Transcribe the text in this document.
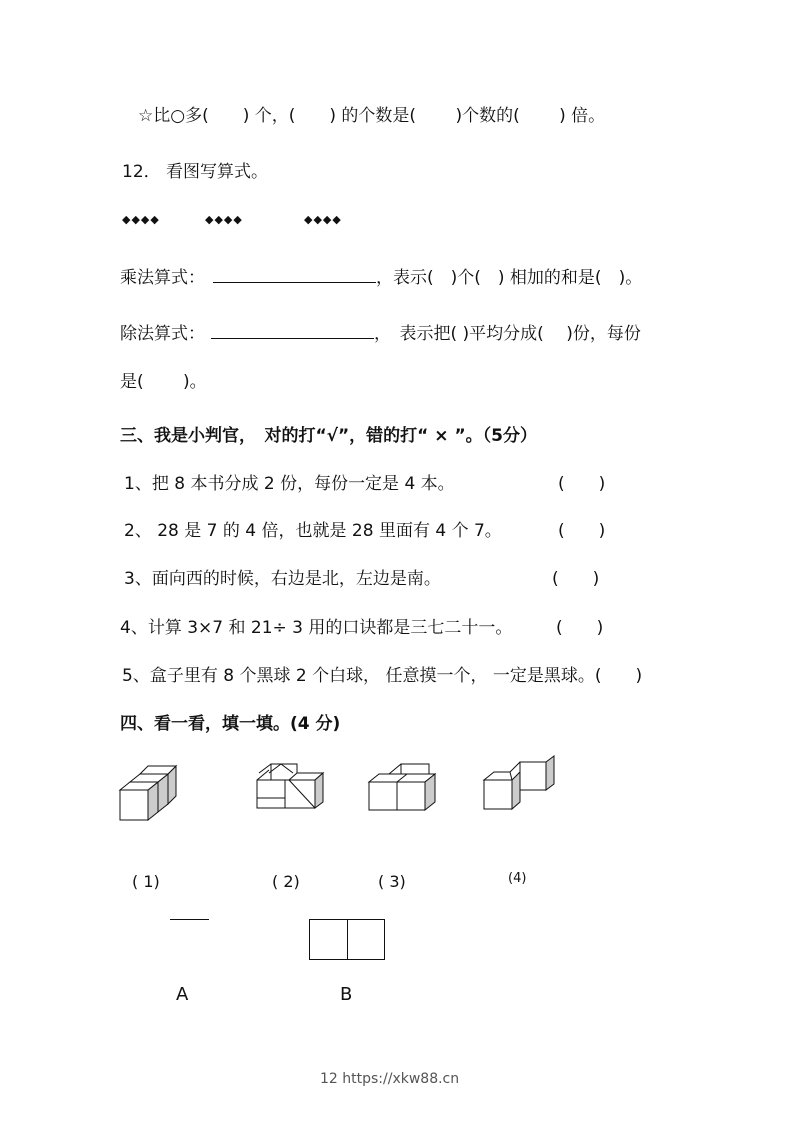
☆比○多(　　) 个，(　　) 的个数是(　　 )个数的(　　 ) 倍。
12． 看图写算式。
◆◆◆◆	◆◆◆◆	◆◆◆◆
乘法算式：	，表示(　)个(　) 相加的和是(　)。
除法算式：	，　表示把( )平均分成(　 )份，每份
是(　　 )。
三、我是小判官，　对的打“√”，错的打“ × ”。（5分）
1、把 8 本书分成 2 份，每份一定是 4 本。	(　　)
2、 28 是 7 的 4 倍，也就是 28 里面有 4 个 7。	(　　)
3、面向西的时候，右边是北，左边是南。	(　　)
4、计算 3×7 和 21÷ 3 用的口诀都是三七二十一。	(　　)
5、盒子里有 8 个黑球 2 个白球， 任意摸一个， 一定是黑球。(　　)
四、看一看，填一填。(4 分)
( 1)	( 2)	( 3)	(4)
A	B
12 https://xkw88.cn
